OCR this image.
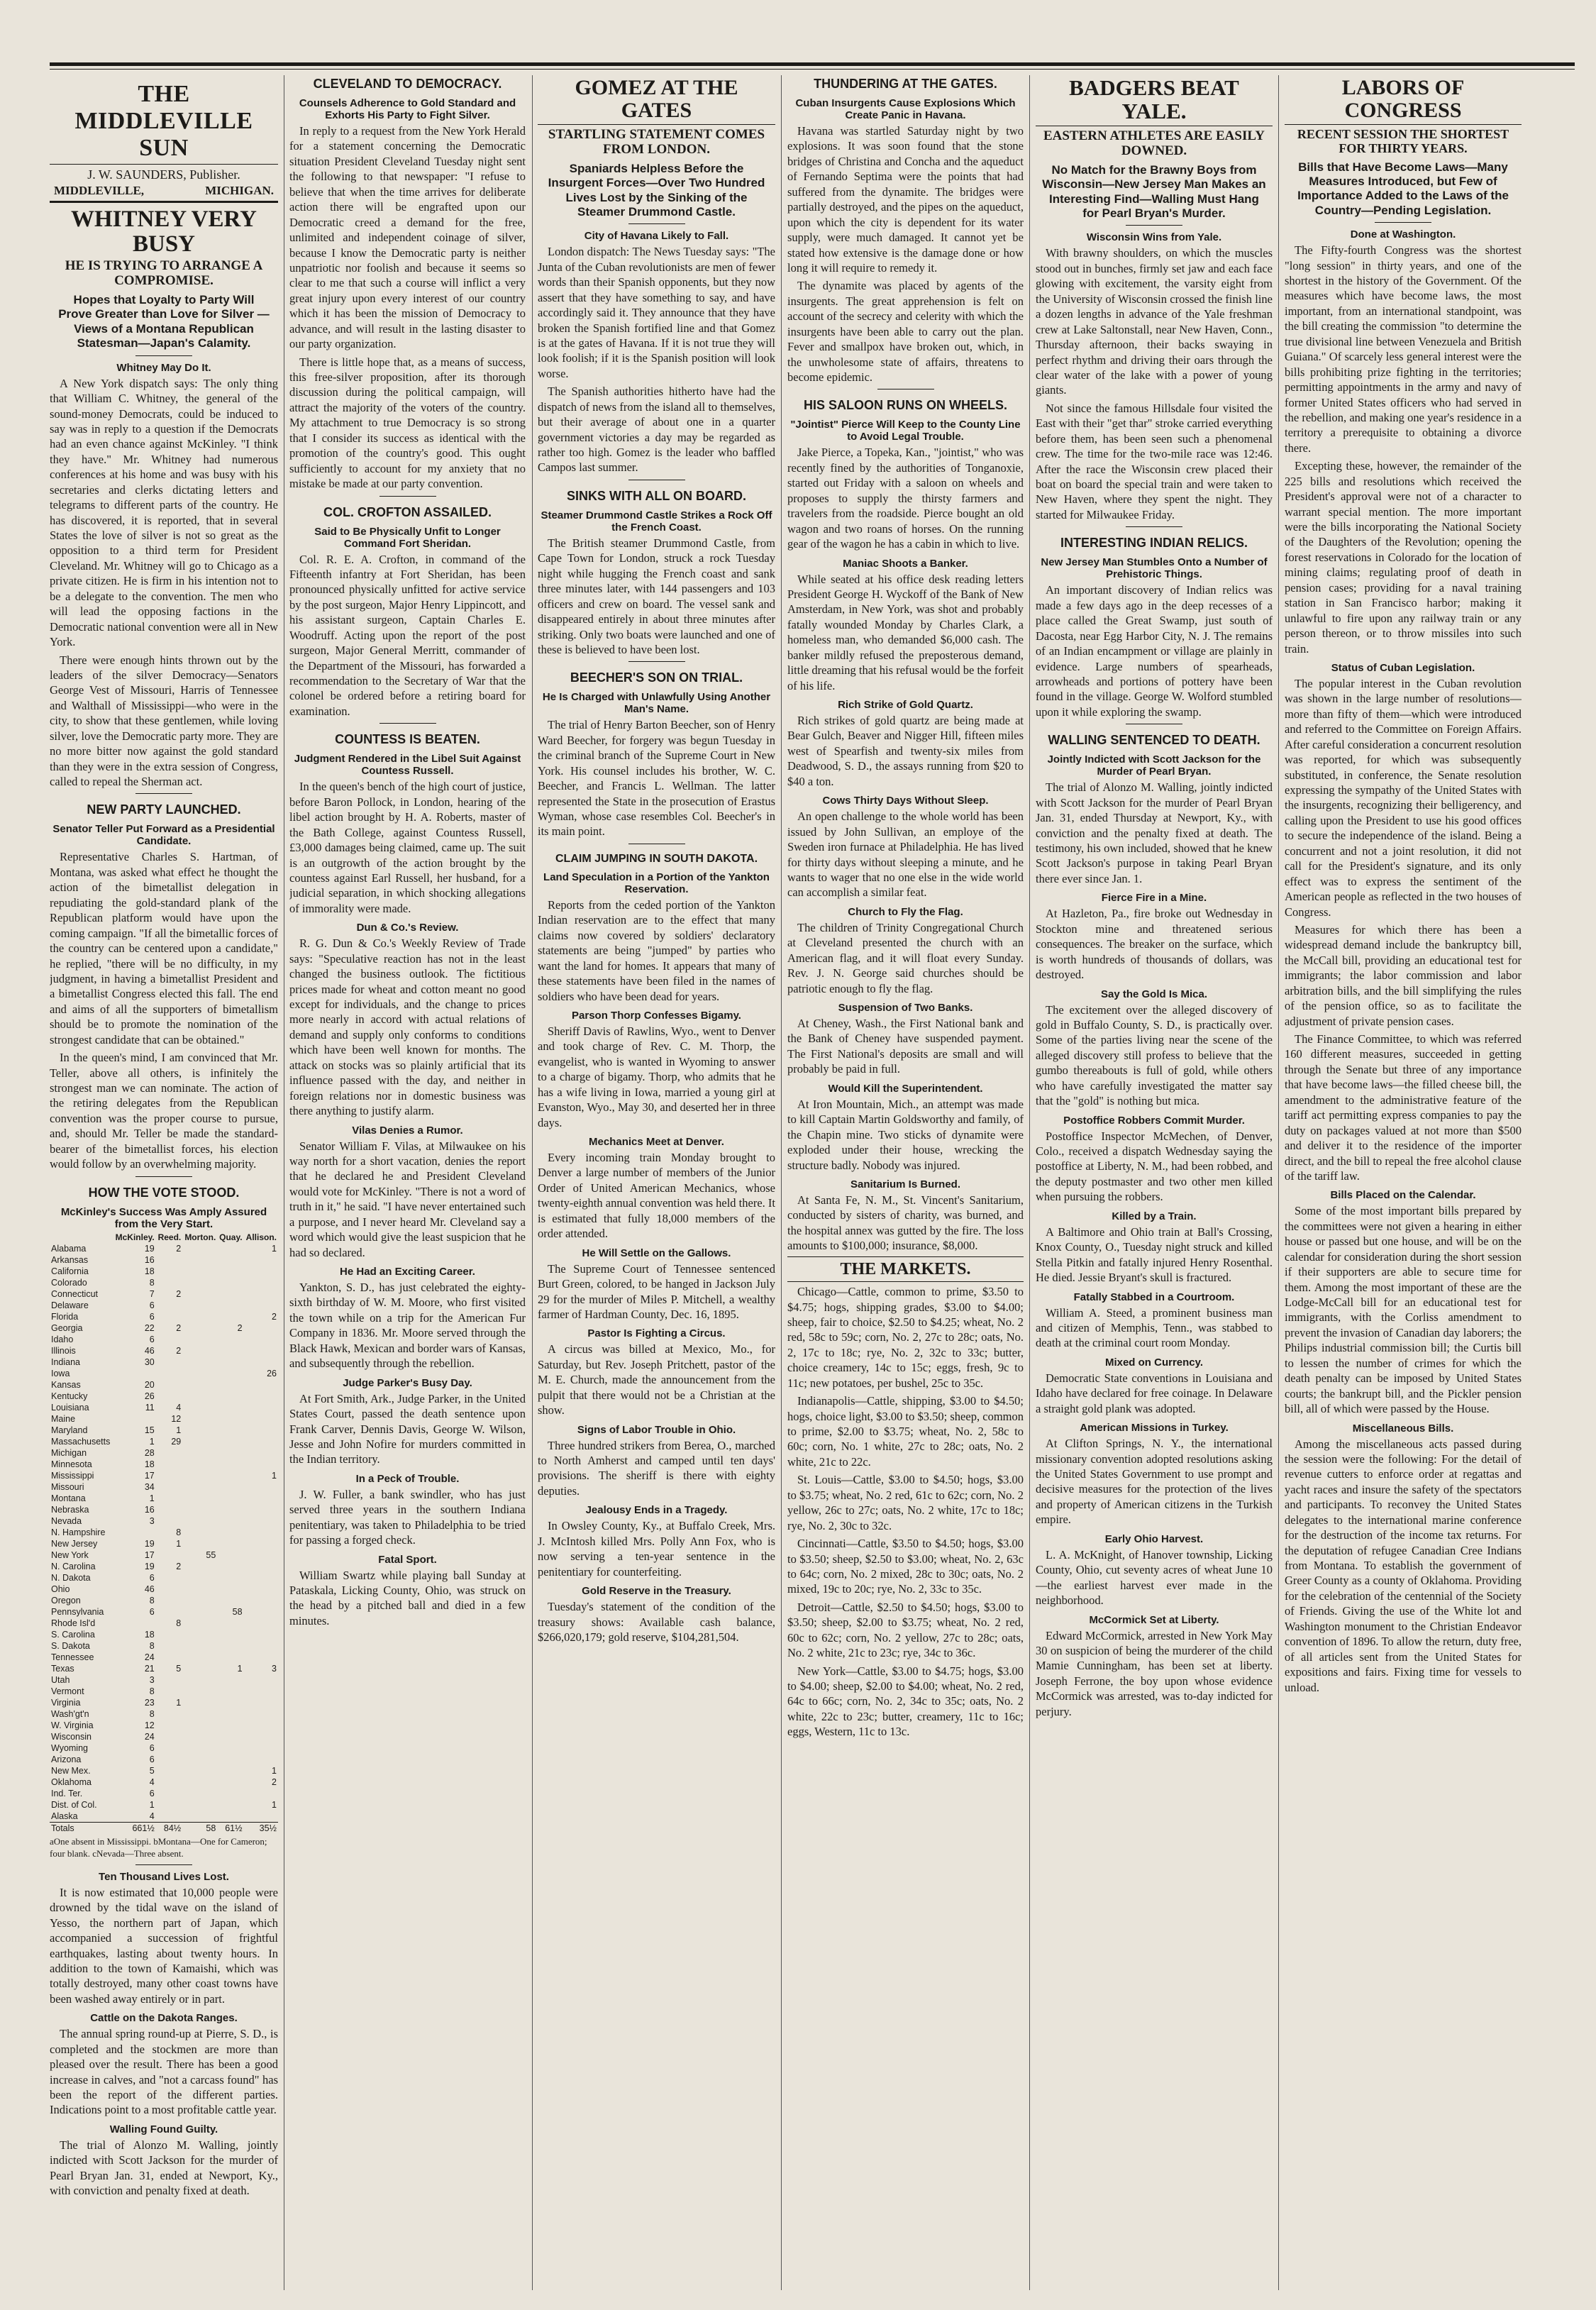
THE MIDDLEVILLE SUN
J. W. SAUNDERS, Publisher.
MIDDLEVILLE,	MICHIGAN.
WHITNEY VERY BUSY
HE IS TRYING TO ARRANGE A COMPROMISE.
Hopes that Loyalty to Party Will Prove Greater than Love for Silver —Views of a Montana Republican Statesman—Japan's Calamity.
Whitney May Do It.

A New York dispatch says: The only thing that William C. Whitney, the general of the sound-money Democrats, could be induced to say was in reply to a question if the Democrats had an even chance against McKinley. "I think they have." Mr. Whitney had numerous conferences at his home and was busy with his secretaries and clerks dictating letters and telegrams to different parts of the country. He has discovered, it is reported, that in several States the love of silver is not so great as the opposition to a third term for President Cleveland. Mr. Whitney will go to Chicago as a private citizen. He is firm in his intention not to be a delegate to the convention. The men who will lead the opposing factions in the Democratic national convention were all in New York.

There were enough hints thrown out by the leaders of the silver Democracy—Senators George Vest of Missouri, Harris of Tennessee and Walthall of Mississippi—who were in the city, to show that these gentlemen, while loving silver, love the Democratic party more. They are no more bitter now against the gold standard than they were in the extra session of Congress, called to repeal the Sherman act.

NEW PARTY LAUNCHED.
Senator Teller Put Forward as a Presidential Candidate.

Representative Charles S. Hartman, of Montana, was asked what effect he thought the action of the bimetallist delegation in repudiating the gold-standard plank of the Republican platform would have upon the coming campaign. "If all the bimetallic forces of the country can be centered upon a candidate," he replied, "there will be no difficulty, in my judgment, in having a bimetallist President and a bimetallist Congress elected this fall. The end and aims of all the supporters of bimetallism should be to promote the nomination of the strongest candidate that can be obtained."

In the queen's mind, I am convinced that Mr. Teller, above all others, is infinitely the strongest man we can nominate. The action of the retiring delegates from the Republican convention was the proper course to pursue, and, should Mr. Teller be made the standard-bearer of the bimetallist forces, his election would follow by an overwhelming majority.

HOW THE VOTE STOOD.
McKinley's Success Was Amply Assured from the Very Start.
	McKinley.	Reed.	Morton.	Quay.	Allison.
Alabama	19	2			1
Arkansas	16				
California	18				
Colorado	8				
Connecticut	7	2			
Delaware	6				
Florida	6				2
Georgia	22	2		2	
Idaho	6				
Illinois	46	2			
Indiana	30				
Iowa					26
Kansas	20				
Kentucky	26				
Louisiana	11	4			
Maine		12			
Maryland	15	1			
Massachusetts	1	29			
Michigan	28				
Minnesota	18				
Mississippi	17				1
Missouri	34				
Montana	1				
Nebraska	16				
Nevada	3				
N. Hampshire		8			
New Jersey	19	1			
New York	17		55		
N. Carolina	19	2			
N. Dakota	6				
Ohio	46				
Oregon	8				
Pennsylvania	6			58	
Rhode Isl'd		8			
S. Carolina	18				
S. Dakota	8				
Tennessee	24				
Texas	21	5		1	3
Utah	3				
Vermont	8				
Virginia	23	1			
Wash'gt'n	8				
W. Virginia	12				
Wisconsin	24				
Wyoming	6				
Arizona	6				
New Mex.	5				1
Oklahoma	4				2
Ind. Ter.	6				
Dist. of Col.	1				1
Alaska	4				
Totals	661½	84½	58	61½	35½
aOne absent in Mississippi. bMontana—One for Cameron; four blank. cNevada—Three absent.
Ten Thousand Lives Lost.

It is now estimated that 10,000 people were drowned by the tidal wave on the island of Yesso, the northern part of Japan, which accompanied a succession of frightful earthquakes, lasting about twenty hours. In addition to the town of Kamaishi, which was totally destroyed, many other coast towns have been washed away entirely or in part.

Cattle on the Dakota Ranges.

The annual spring round-up at Pierre, S. D., is completed and the stockmen are more than pleased over the result. There has been a good increase in calves, and "not a carcass found" has been the report of the different parties. Indications point to a most profitable cattle year.

Walling Found Guilty.

The trial of Alonzo M. Walling, jointly indicted with Scott Jackson for the murder of Pearl Bryan Jan. 31, ended at Newport, Ky., with conviction and penalty fixed at death.

CLEVELAND TO DEMOCRACY.
Counsels Adherence to Gold Standard and Exhorts His Party to Fight Silver.

In reply to a request from the New York Herald for a statement concerning the Democratic situation President Cleveland Tuesday night sent the following to that newspaper: "I refuse to believe that when the time arrives for deliberate action there will be engrafted upon our Democratic creed a demand for the free, unlimited and independent coinage of silver, because I know the Democratic party is neither unpatriotic nor foolish and because it seems so clear to me that such a course will inflict a very great injury upon every interest of our country which it has been the mission of Democracy to advance, and will result in the lasting disaster to our party organization.

There is little hope that, as a means of success, this free-silver proposition, after its thorough discussion during the political campaign, will attract the majority of the voters of the country. My attachment to true Democracy is so strong that I consider its success as identical with the promotion of the country's good. This ought sufficiently to account for my anxiety that no mistake be made at our party convention.

COL. CROFTON ASSAILED.
Said to Be Physically Unfit to Longer Command Fort Sheridan.

Col. R. E. A. Crofton, in command of the Fifteenth infantry at Fort Sheridan, has been pronounced physically unfitted for active service by the post surgeon, Major Henry Lippincott, and his assistant surgeon, Captain Charles E. Woodruff. Acting upon the report of the post surgeon, Major General Merritt, commander of the Department of the Missouri, has forwarded a recommendation to the Secretary of War that the colonel be ordered before a retiring board for examination.

COUNTESS IS BEATEN.
Judgment Rendered in the Libel Suit Against Countess Russell.

In the queen's bench of the high court of justice, before Baron Pollock, in London, hearing of the libel action brought by H. A. Roberts, master of the Bath College, against Countess Russell, £3,000 damages being claimed, came up. The suit is an outgrowth of the action brought by the countess against Earl Russell, her husband, for a judicial separation, in which shocking allegations of immorality were made.

Dun & Co.'s Review.

R. G. Dun & Co.'s Weekly Review of Trade says: "Speculative reaction has not in the least changed the business outlook. The fictitious prices made for wheat and cotton meant no good except for individuals, and the change to prices more nearly in accord with actual relations of demand and supply only conforms to conditions which have been well known for months. The attack on stocks was so plainly artificial that its influence passed with the day, and neither in foreign relations nor in domestic business was there anything to justify alarm.

Vilas Denies a Rumor.

Senator William F. Vilas, at Milwaukee on his way north for a short vacation, denies the report that he declared he and President Cleveland would vote for McKinley. "There is not a word of truth in it," he said. "I have never entertained such a purpose, and I never heard Mr. Cleveland say a word which would give the least suspicion that he had so declared.

He Had an Exciting Career.

Yankton, S. D., has just celebrated the eighty-sixth birthday of W. M. Moore, who first visited the town while on a trip for the American Fur Company in 1836. Mr. Moore served through the Black Hawk, Mexican and border wars of Kansas, and subsequently through the rebellion.

Judge Parker's Busy Day.

At Fort Smith, Ark., Judge Parker, in the United States Court, passed the death sentence upon Frank Carver, Dennis Davis, George W. Wilson, Jesse and John Nofire for murders committed in the Indian territory.

In a Peck of Trouble.

J. W. Fuller, a bank swindler, who has just served three years in the southern Indiana penitentiary, was taken to Philadelphia to be tried for passing a forged check.

Fatal Sport.

William Swartz while playing ball Sunday at Pataskala, Licking County, Ohio, was struck on the head by a pitched ball and died in a few minutes.

GOMEZ AT THE GATES
STARTLING STATEMENT COMES FROM LONDON.
Spaniards Helpless Before the Insurgent Forces—Over Two Hundred Lives Lost by the Sinking of the Steamer Drummond Castle.
City of Havana Likely to Fall.

London dispatch: The News Tuesday says: "The Junta of the Cuban revolutionists are men of fewer words than their Spanish opponents, but they now assert that they have something to say, and have accordingly said it. They announce that they have broken the Spanish fortified line and that Gomez is at the gates of Havana. If it is not true they will look foolish; if it is the Spanish position will look worse.

The Spanish authorities hitherto have had the dispatch of news from the island all to themselves, but their average of about one in a quarter government victories a day may be regarded as rather too high. Gomez is the leader who baffled Campos last summer.

SINKS WITH ALL ON BOARD.
Steamer Drummond Castle Strikes a Rock Off the French Coast.

The British steamer Drummond Castle, from Cape Town for London, struck a rock Tuesday night while hugging the French coast and sank three minutes later, with 144 passengers and 103 officers and crew on board. The vessel sank and disappeared entirely in about three minutes after striking. Only two boats were launched and one of these is believed to have been lost.

BEECHER'S SON ON TRIAL.
He Is Charged with Unlawfully Using Another Man's Name.

The trial of Henry Barton Beecher, son of Henry Ward Beecher, for forgery was begun Tuesday in the criminal branch of the Supreme Court in New York. His counsel includes his brother, W. C. Beecher, and Francis L. Wellman. The latter represented the State in the prosecution of Erastus Wyman, whose case resembles Col. Beecher's in its main point.

CLAIM JUMPING IN SOUTH DAKOTA.
Land Speculation in a Portion of the Yankton Reservation.

Reports from the ceded portion of the Yankton Indian reservation are to the effect that many claims now covered by soldiers' declaratory statements are being "jumped" by parties who want the land for homes. It appears that many of these statements have been filed in the names of soldiers who have been dead for years.

Parson Thorp Confesses Bigamy.

Sheriff Davis of Rawlins, Wyo., went to Denver and took charge of Rev. C. M. Thorp, the evangelist, who is wanted in Wyoming to answer to a charge of bigamy. Thorp, who admits that he has a wife living in Iowa, married a young girl at Evanston, Wyo., May 30, and deserted her in three days.

Mechanics Meet at Denver.

Every incoming train Monday brought to Denver a large number of members of the Junior Order of United American Mechanics, whose twenty-eighth annual convention was held there. It is estimated that fully 18,000 members of the order attended.

He Will Settle on the Gallows.

The Supreme Court of Tennessee sentenced Burt Green, colored, to be hanged in Jackson July 29 for the murder of Miles P. Mitchell, a wealthy farmer of Hardman County, Dec. 16, 1895.

Pastor Is Fighting a Circus.

A circus was billed at Mexico, Mo., for Saturday, but Rev. Joseph Pritchett, pastor of the M. E. Church, made the announcement from the pulpit that there would not be a Christian at the show.

Signs of Labor Trouble in Ohio.

Three hundred strikers from Berea, O., marched to North Amherst and camped until ten days' provisions. The sheriff is there with eighty deputies.

Jealousy Ends in a Tragedy.

In Owsley County, Ky., at Buffalo Creek, Mrs. J. McIntosh killed Mrs. Polly Ann Fox, who is now serving a ten-year sentence in the penitentiary for counterfeiting.

Gold Reserve in the Treasury.

Tuesday's statement of the condition of the treasury shows: Available cash balance, $266,020,179; gold reserve, $104,281,504.

THUNDERING AT THE GATES.
Cuban Insurgents Cause Explosions Which Create Panic in Havana.

Havana was startled Saturday night by two explosions. It was soon found that the stone bridges of Christina and Concha and the aqueduct of Fernando Septima were the points that had suffered from the dynamite. The bridges were partially destroyed, and the pipes on the aqueduct, upon which the city is dependent for its water supply, were much damaged. It cannot yet be stated how extensive is the damage done or how long it will require to remedy it.

The dynamite was placed by agents of the insurgents. The great apprehension is felt on account of the secrecy and celerity with which the insurgents have been able to carry out the plan. Fever and smallpox have broken out, which, in the unwholesome state of affairs, threatens to become epidemic.

HIS SALOON RUNS ON WHEELS.
"Jointist" Pierce Will Keep to the County Line to Avoid Legal Trouble.

Jake Pierce, a Topeka, Kan., "jointist," who was recently fined by the authorities of Tonganoxie, started out Friday with a saloon on wheels and proposes to supply the thirsty farmers and travelers from the roadside. Pierce bought an old wagon and two roans of horses. On the running gear of the wagon he has a cabin in which to live.

Maniac Shoots a Banker.

While seated at his office desk reading letters President George H. Wyckoff of the Bank of New Amsterdam, in New York, was shot and probably fatally wounded Monday by Charles Clark, a homeless man, who demanded $6,000 cash. The banker mildly refused the preposterous demand, little dreaming that his refusal would be the forfeit of his life.

Rich Strike of Gold Quartz.

Rich strikes of gold quartz are being made at Bear Gulch, Beaver and Nigger Hill, fifteen miles west of Spearfish and twenty-six miles from Deadwood, S. D., the assays running from $20 to $40 a ton.

Cows Thirty Days Without Sleep.

An open challenge to the whole world has been issued by John Sullivan, an employe of the Sweden iron furnace at Philadelphia. He has lived for thirty days without sleeping a minute, and he wants to wager that no one else in the wide world can accomplish a similar feat.

Church to Fly the Flag.

The children of Trinity Congregational Church at Cleveland presented the church with an American flag, and it will float every Sunday. Rev. J. N. George said churches should be patriotic enough to fly the flag.

Suspension of Two Banks.

At Cheney, Wash., the First National bank and the Bank of Cheney have suspended payment. The First National's deposits are small and will probably be paid in full.

Would Kill the Superintendent.

At Iron Mountain, Mich., an attempt was made to kill Captain Martin Goldsworthy and family, of the Chapin mine. Two sticks of dynamite were exploded under their house, wrecking the structure badly. Nobody was injured.

Sanitarium Is Burned.

At Santa Fe, N. M., St. Vincent's Sanitarium, conducted by sisters of charity, was burned, and the hospital annex was gutted by the fire. The loss amounts to $100,000; insurance, $8,000.

THE MARKETS.

Chicago—Cattle, common to prime, $3.50 to $4.75; hogs, shipping grades, $3.00 to $4.00; sheep, fair to choice, $2.50 to $4.25; wheat, No. 2 red, 58c to 59c; corn, No. 2, 27c to 28c; oats, No. 2, 17c to 18c; rye, No. 2, 32c to 33c; butter, choice creamery, 14c to 15c; eggs, fresh, 9c to 11c; new potatoes, per bushel, 25c to 35c.

Indianapolis—Cattle, shipping, $3.00 to $4.50; hogs, choice light, $3.00 to $3.50; sheep, common to prime, $2.00 to $3.75; wheat, No. 2, 58c to 60c; corn, No. 1 white, 27c to 28c; oats, No. 2 white, 21c to 22c.

St. Louis—Cattle, $3.00 to $4.50; hogs, $3.00 to $3.75; wheat, No. 2 red, 61c to 62c; corn, No. 2 yellow, 26c to 27c; oats, No. 2 white, 17c to 18c; rye, No. 2, 30c to 32c.

Cincinnati—Cattle, $3.50 to $4.50; hogs, $3.00 to $3.50; sheep, $2.50 to $3.00; wheat, No. 2, 63c to 64c; corn, No. 2 mixed, 28c to 30c; oats, No. 2 mixed, 19c to 20c; rye, No. 2, 33c to 35c.

Detroit—Cattle, $2.50 to $4.50; hogs, $3.00 to $3.50; sheep, $2.00 to $3.75; wheat, No. 2 red, 60c to 62c; corn, No. 2 yellow, 27c to 28c; oats, No. 2 white, 21c to 23c; rye, 34c to 36c.

New York—Cattle, $3.00 to $4.75; hogs, $3.00 to $4.00; sheep, $2.00 to $4.00; wheat, No. 2 red, 64c to 66c; corn, No. 2, 34c to 35c; oats, No. 2 white, 22c to 23c; butter, creamery, 11c to 16c; eggs, Western, 11c to 13c.

BADGERS BEAT YALE.
EASTERN ATHLETES ARE EASILY DOWNED.
No Match for the Brawny Boys from Wisconsin—New Jersey Man Makes an Interesting Find—Walling Must Hang for Pearl Bryan's Murder.
Wisconsin Wins from Yale.

With brawny shoulders, on which the muscles stood out in bunches, firmly set jaw and each face glowing with excitement, the varsity eight from the University of Wisconsin crossed the finish line a dozen lengths in advance of the Yale freshman crew at Lake Saltonstall, near New Haven, Conn., Thursday afternoon, their backs swaying in perfect rhythm and driving their oars through the clear water of the lake with a power of young giants.

Not since the famous Hillsdale four visited the East with their "get thar" stroke carried everything before them, has been seen such a phenomenal crew. The time for the two-mile race was 12:46. After the race the Wisconsin crew placed their boat on board the special train and were taken to New Haven, where they spent the night. They started for Milwaukee Friday.

INTERESTING INDIAN RELICS.
New Jersey Man Stumbles Onto a Number of Prehistoric Things.

An important discovery of Indian relics was made a few days ago in the deep recesses of a place called the Great Swamp, just south of Dacosta, near Egg Harbor City, N. J. The remains of an Indian encampment or village are plainly in evidence. Large numbers of spearheads, arrowheads and portions of pottery have been found in the village. George W. Wolford stumbled upon it while exploring the swamp.

WALLING SENTENCED TO DEATH.
Jointly Indicted with Scott Jackson for the Murder of Pearl Bryan.

The trial of Alonzo M. Walling, jointly indicted with Scott Jackson for the murder of Pearl Bryan Jan. 31, ended Thursday at Newport, Ky., with conviction and the penalty fixed at death. The testimony, his own included, showed that he knew Scott Jackson's purpose in taking Pearl Bryan there ever since Jan. 1.

Fierce Fire in a Mine.

At Hazleton, Pa., fire broke out Wednesday in Stockton mine and threatened serious consequences. The breaker on the surface, which is worth hundreds of thousands of dollars, was destroyed.

Say the Gold Is Mica.

The excitement over the alleged discovery of gold in Buffalo County, S. D., is practically over. Some of the parties living near the scene of the alleged discovery still profess to believe that the gumbo thereabouts is full of gold, while others who have carefully investigated the matter say that the "gold" is nothing but mica.

Postoffice Robbers Commit Murder.

Postoffice Inspector McMechen, of Denver, Colo., received a dispatch Wednesday saying the postoffice at Liberty, N. M., had been robbed, and the deputy postmaster and two other men killed when pursuing the robbers.

Killed by a Train.

A Baltimore and Ohio train at Ball's Crossing, Knox County, O., Tuesday night struck and killed Stella Pitkin and fatally injured Henry Rosenthal. He died. Jessie Bryant's skull is fractured.

Fatally Stabbed in a Courtroom.

William A. Steed, a prominent business man and citizen of Memphis, Tenn., was stabbed to death at the criminal court room Monday.

Mixed on Currency.

Democratic State conventions in Louisiana and Idaho have declared for free coinage. In Delaware a straight gold plank was adopted.

American Missions in Turkey.

At Clifton Springs, N. Y., the international missionary convention adopted resolutions asking the United States Government to use prompt and decisive measures for the protection of the lives and property of American citizens in the Turkish empire.

Early Ohio Harvest.

L. A. McKnight, of Hanover township, Licking County, Ohio, cut seventy acres of wheat June 10—the earliest harvest ever made in the neighborhood.

McCormick Set at Liberty.

Edward McCormick, arrested in New York May 30 on suspicion of being the murderer of the child Mamie Cunningham, has been set at liberty. Joseph Ferrone, the boy upon whose evidence McCormick was arrested, was to-day indicted for perjury.

LABORS OF CONGRESS
RECENT SESSION THE SHORTEST FOR THIRTY YEARS.
Bills that Have Become Laws—Many Measures Introduced, but Few of Importance Added to the Laws of the Country—Pending Legislation.
Done at Washington.

The Fifty-fourth Congress was the shortest "long session" in thirty years, and one of the shortest in the history of the Government. Of the measures which have become laws, the most important, from an international standpoint, was the bill creating the commission "to determine the true divisional line between Venezuela and British Guiana." Of scarcely less general interest were the bills prohibiting prize fighting in the territories; permitting appointments in the army and navy of former United States officers who had served in the rebellion, and making one year's residence in a territory a prerequisite to obtaining a divorce there.

Excepting these, however, the remainder of the 225 bills and resolutions which received the President's approval were not of a character to warrant special mention. The more important were the bills incorporating the National Society of the Daughters of the Revolution; opening the forest reservations in Colorado for the location of mining claims; regulating proof of death in pension cases; providing for a naval training station in San Francisco harbor; making it unlawful to fire upon any railway train or any person thereon, or to throw missiles into such train.

Status of Cuban Legislation.

The popular interest in the Cuban revolution was shown in the large number of resolutions—more than fifty of them—which were introduced and referred to the Committee on Foreign Affairs. After careful consideration a concurrent resolution was reported, for which was subsequently substituted, in conference, the Senate resolution expressing the sympathy of the United States with the insurgents, recognizing their belligerency, and calling upon the President to use his good offices to secure the independence of the island. Being a concurrent and not a joint resolution, it did not call for the President's signature, and its only effect was to express the sentiment of the American people as reflected in the two houses of Congress.

Measures for which there has been a widespread demand include the bankruptcy bill, the McCall bill, providing an educational test for immigrants; the labor commission and labor arbitration bills, and the bill simplifying the rules of the pension office, so as to facilitate the adjustment of private pension cases.

The Finance Committee, to which was referred 160 different measures, succeeded in getting through the Senate but three of any importance that have become laws—the filled cheese bill, the amendment to the administrative feature of the tariff act permitting express companies to pay the duty on packages valued at not more than $500 and deliver it to the residence of the importer direct, and the bill to repeal the free alcohol clause of the tariff law.

Bills Placed on the Calendar.

Some of the most important bills prepared by the committees were not given a hearing in either house or passed but one house, and will be on the calendar for consideration during the short session if their supporters are able to secure time for them. Among the most important of these are the Lodge-McCall bill for an educational test for immigrants, with the Corliss amendment to prevent the invasion of Canadian day laborers; the Philips industrial commission bill; the Curtis bill to lessen the number of crimes for which the death penalty can be imposed by United States courts; the bankrupt bill, and the Pickler pension bill, all of which were passed by the House.

Miscellaneous Bills.

Among the miscellaneous acts passed during the session were the following: For the detail of revenue cutters to enforce order at regattas and yacht races and insure the safety of the spectators and participants. To reconvey the United States delegates to the international marine conference for the destruction of the income tax returns. For the deputation of refugee Canadian Cree Indians from Montana. To establish the government of Greer County as a county of Oklahoma. Providing for the celebration of the centennial of the Society of Friends. Giving the use of the White lot and Washington monument to the Christian Endeavor convention of 1896. To allow the return, duty free, of all articles sent from the United States for expositions and fairs. Fixing time for vessels to unload.
